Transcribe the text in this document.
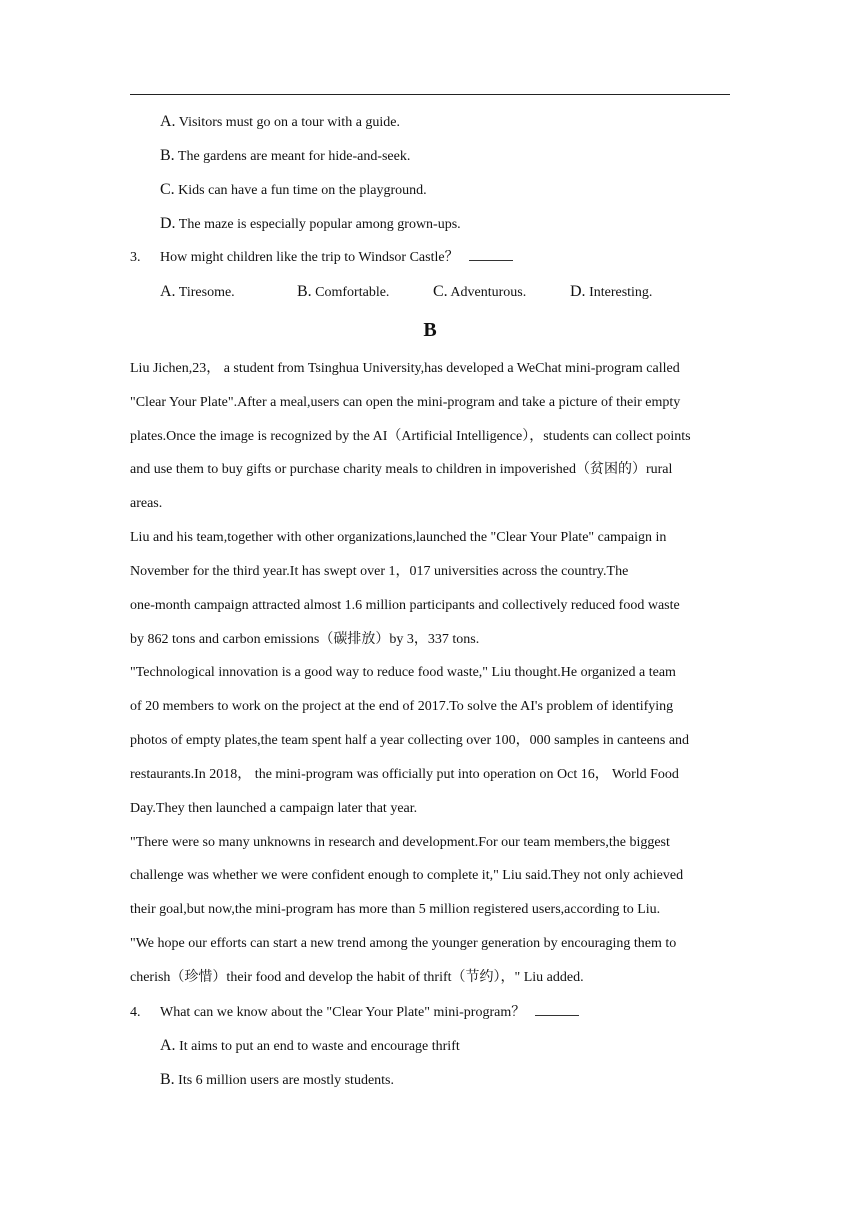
A. Visitors must go on a tour with a guide.
B. The gardens are meant for hide-and-seek.
C. Kids can have a fun time on the playground.
D. The maze is especially popular among grown-ups.
3. How might children like the trip to Windsor Castle？
A. Tiresome.	B. Comfortable.	C. Adventurous.	D. Interesting.
B
Liu Jichen,23， a student from Tsinghua University,has developed a WeChat mini-program called
"Clear Your Plate".After a meal,users can open the mini-program and take a picture of their empty
plates.Once the image is recognized by the AI（Artificial Intelligence），students can collect points
and use them to buy gifts or purchase charity meals to children in impoverished（贫困的）rural
areas.
Liu and his team,together with other organizations,launched the "Clear Your Plate" campaign in
November for the third year.It has swept over 1，017 universities across the country.The
one-month campaign attracted almost 1.6 million participants and collectively reduced food waste
by 862 tons and carbon emissions（碳排放）by 3，337 tons.
"Technological innovation is a good way to reduce food waste," Liu thought.He organized a team
of 20 members to work on the project at the end of 2017.To solve the AI's problem of identifying
photos of empty plates,the team spent half a year collecting over 100，000 samples in canteens and
restaurants.In 2018， the mini-program was officially put into operation on Oct 16， World Food
Day.They then launched a campaign later that year.
"There were so many unknowns in research and development.For our team members,the biggest
challenge was whether we were confident enough to complete it," Liu said.They not only achieved
their goal,but now,the mini-program has more than 5 million registered users,according to Liu.
"We hope our efforts can start a new trend among the younger generation by encouraging them to
cherish（珍惜）their food and develop the habit of thrift（节约），" Liu added.
4. What can we know about the "Clear Your Plate" mini-program？
A. It aims to put an end to waste and encourage thrift
B. Its 6 million users are mostly students.
